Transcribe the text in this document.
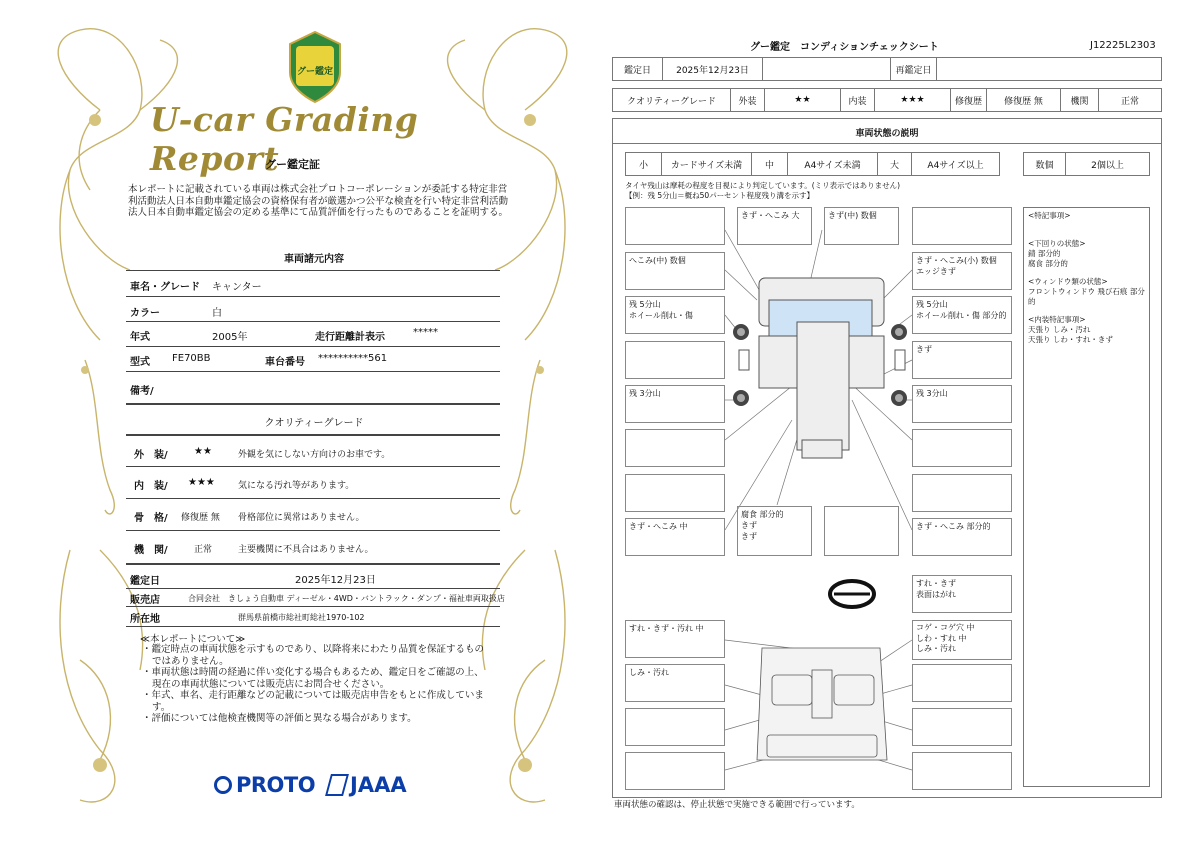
グー鑑定
U-car Grading Report
グー鑑定証
本レポートに記載されている車両は株式会社プロトコーポレーションが委託する特定非営利活動法人日本自動車鑑定協会の資格保有者が厳選かつ公平な検査を行い特定非営利活動法人日本自動車鑑定協会の定める基準にて品質評価を行ったものであることを証明する。
車両諸元内容
車名・グレード キャンター
カラー	白
年式	2005年	走行距離計表示	*****
型式 FE70BB	車台番号 **********561
備考/
クオリティーグレード
外　装/	★★	外観を気にしない方向けのお車です。
内　装/ ★★★	気になる汚れ等があります。
骨　格/ 修復歴 無 骨格部位に異常はありません。
機　関/	正常	主要機関に不具合はありません。
鑑定日	2025年12月23日
販売店	合同会社　きしょう自動車 ディーゼル・4WD・バントラック・ダンプ・福祉車両取扱店
所在地	群馬県前橋市総社町総社1970-102
≪本レポートについて≫
・鑑定時点の車両状態を示すものであり、以降将来にわたり品質を保証するものではありません。
・車両状態は時間の経過に伴い変化する場合もあるため、鑑定日をご確認の上、現在の車両状態については販売店にお問合せください。
・年式、車名、走行距離などの記載については販売店申告をもとに作成しています。
・評価については他検査機関等の評価と異なる場合があります。
PROTO JAAA
グー鑑定　コンディションチェックシート	J12225L2303
鑑定日	2025年12月23日	再鑑定日
クオリティーグレード	外装	★★	内装	★★★	修復歴	修復歴 無	機関	正常
車両状態の説明
小	カードサイズ未満	中	A4サイズ未満	大	A4サイズ以上	数個	2個以上
タイヤ残山は摩耗の程度を目視により判定しています。(ミリ表示ではありません)
【例：残 5分山＝概ね50パーセント程度残り溝を示す】
きず・へこみ 大	きず(中) 数個
へこみ(中) 数個	きず・へこみ(小) 数個
エッジきず
残 5分山
ホイール削れ・傷
残 5分山
ホイール削れ・傷 部分的
きず
残 3分山	残 3分山
きず・へこみ 中
腐食 部分的
きず
きず
きず・へこみ 部分的
すれ・きず
表面はがれ
すれ・きず・汚れ 中	コゲ・コゲ穴 中
しわ・すれ 中
しみ・汚れ
しみ・汚れ
<特記事項>
<下回りの状態>
錆 部分的
腐食 部分的
<ウィンドウ類の状態>
フロントウィンドウ 飛び石痕 部分的
<内装特記事項>
天張り しみ・汚れ
天張り しわ・すれ・きず
車両状態の確認は、停止状態で実施できる範囲で行っています。
